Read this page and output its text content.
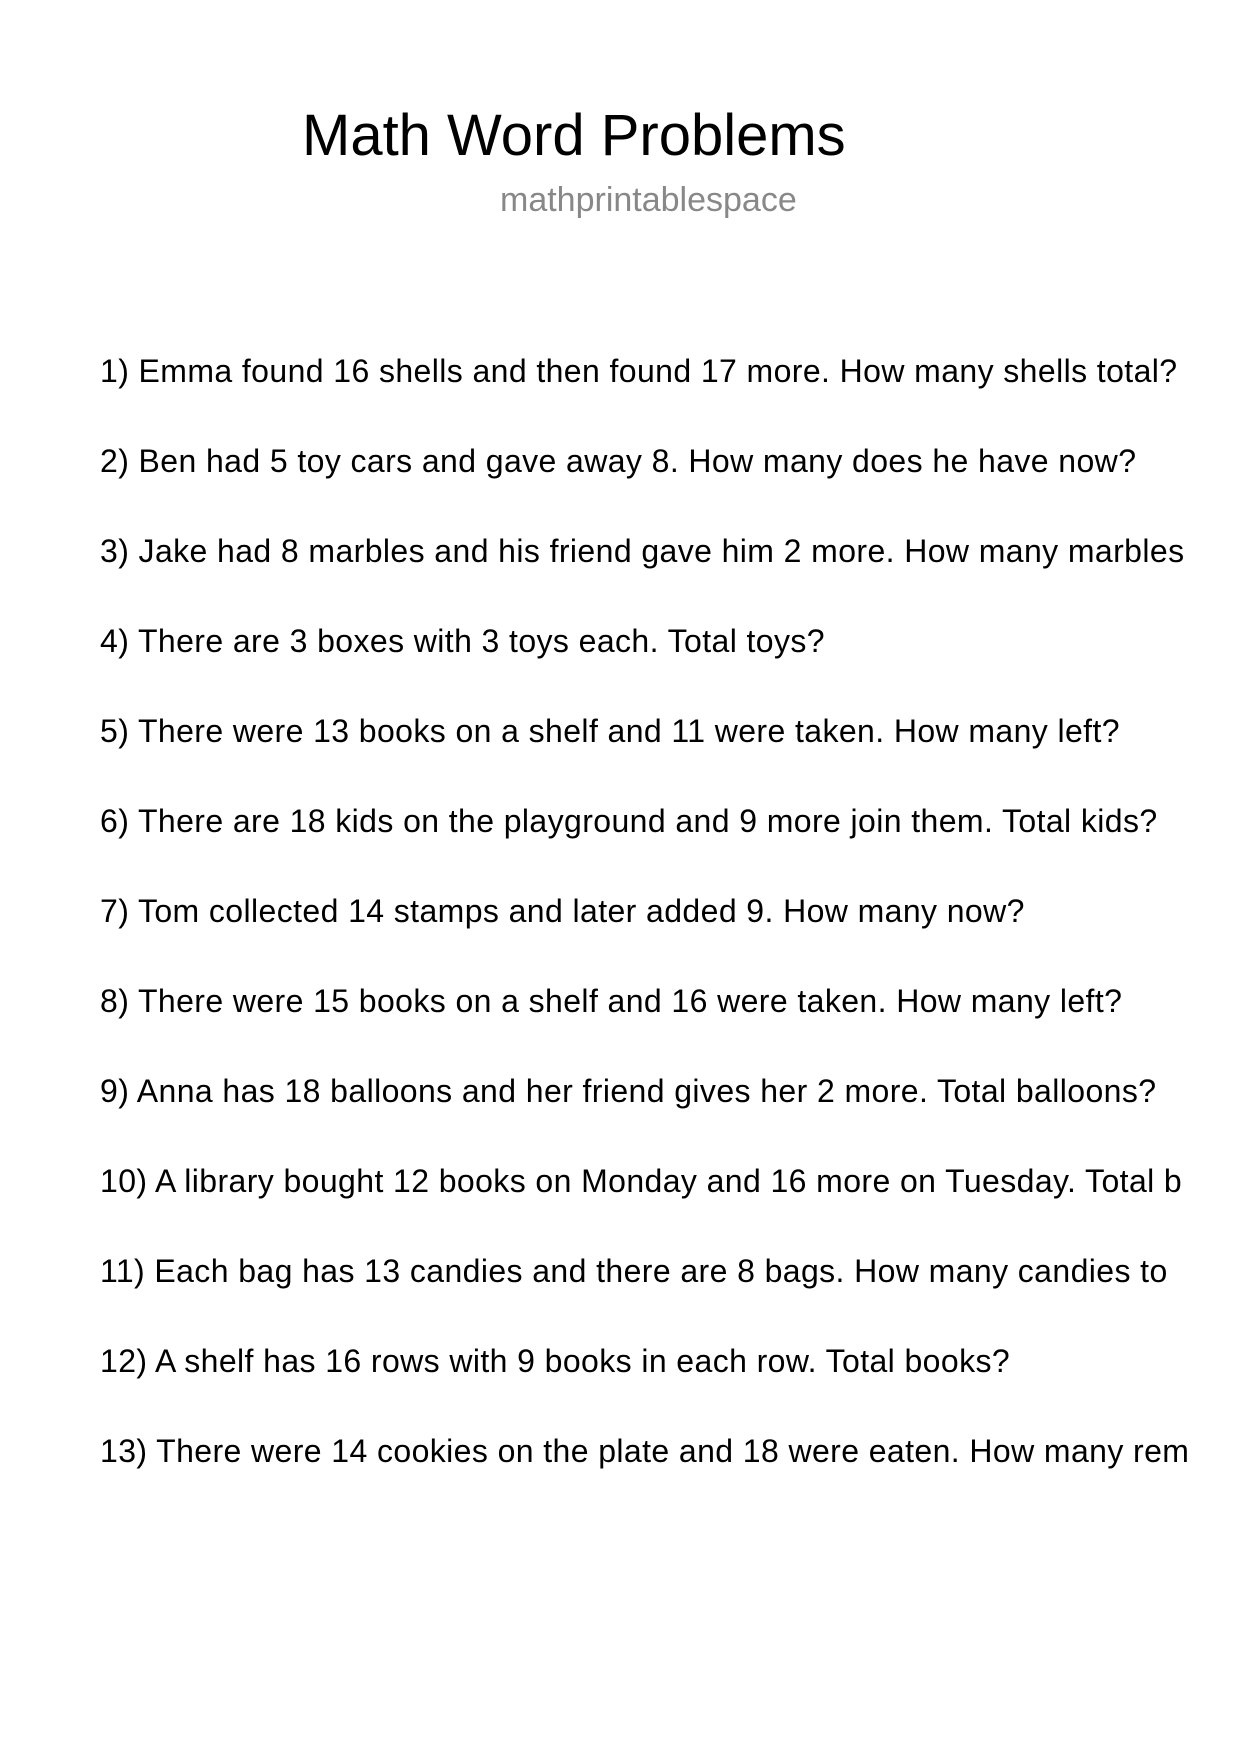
Math Word Problems
mathprintablespace
1) Emma found 16 shells and then found 17 more. How many shells total?
2) Ben had 5 toy cars and gave away 8. How many does he have now?
3) Jake had 8 marbles and his friend gave him 2 more. How many marbles
4) There are 3 boxes with 3 toys each. Total toys?
5) There were 13 books on a shelf and 11 were taken. How many left?
6) There are 18 kids on the playground and 9 more join them. Total kids?
7) Tom collected 14 stamps and later added 9. How many now?
8) There were 15 books on a shelf and 16 were taken. How many left?
9) Anna has 18 balloons and her friend gives her 2 more. Total balloons?
10) A library bought 12 books on Monday and 16 more on Tuesday. Total b
11) Each bag has 13 candies and there are 8 bags. How many candies to
12) A shelf has 16 rows with 9 books in each row. Total books?
13) There were 14 cookies on the plate and 18 were eaten. How many rem
